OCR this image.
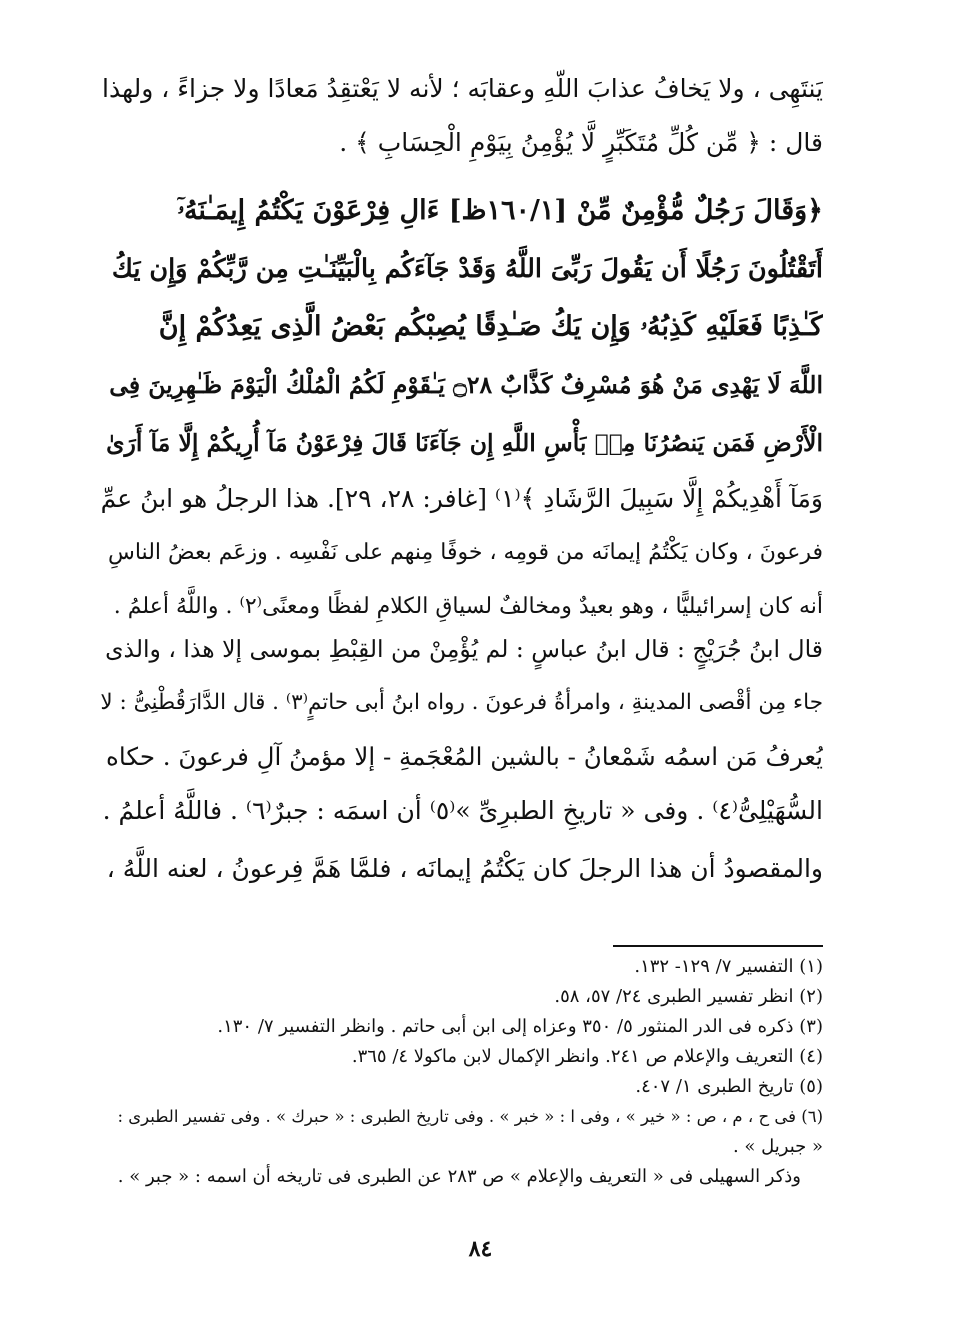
يَنتَهِى ، ولا يَخافُ عذابَ اللّهِ وعقابَه ؛ لأنه لا يَعْتقِدُ مَعادًا ولا جزاءً ، ولهذا
قال : ﴿ مِّن كُلِّ مُتَكَبِّرٍ لَّا يُؤْمِنُ بِيَوْمِ الْحِسَابِ ﴾ .
﴿وَقَالَ رَجُلٌ مُّؤْمِنٌ مِّنْ [١٦٠/١ظ] ءَالِ فِرْعَوْنَ يَكْتُمُ إِيمَـٰنَهُۥٓ
أَتَقْتُلُونَ رَجُلًا أَن يَقُولَ رَبِّىَ اللَّهُ وَقَدْ جَآءَكُم بِالْبَيِّنَـٰتِ مِن رَّبِّكُمْ وَإِن يَكُ
كَـٰذِبًا فَعَلَيْهِ كَذِبُهُۥ وَإِن يَكُ صَـٰدِقًا يُصِبْكُم بَعْضُ الَّذِى يَعِدُكُمْ إِنَّ
اللَّهَ لَا يَهْدِى مَنْ هُوَ مُسْرِفٌ كَذَّابٌ ۝٢٨ يَـٰقَوْمِ لَكُمُ الْمُلْكُ الْيَوْمَ ظَـٰهِرِينَ فِى
الْأَرْضِ فَمَن يَنصُرُنَا مِنۢ بَأْسِ اللَّهِ إِن جَآءَنَا قَالَ فِرْعَوْنُ مَآ أُرِيكُمْ إِلَّا مَآ أَرَىٰ
وَمَآ أَهْدِيكُمْ إِلَّا سَبِيلَ الرَّشَادِ ﴾⁽١⁾ [غافر: ٢٨، ٢٩]. هذا الرجلُ هو ابنُ عمِّ
فرعونَ ، وكان يَكْتُمُ إيمانَه من قومِه ، خوفًا مِنهم على نَفْسِه . وزعَم بعضُ الناسِ
أنه كان إسرائيليًّا ، وهو بعيدٌ ومخالفٌ لسياقِ الكلامِ لفظًا ومعنًى⁽٢⁾ . واللَّهُ أعلمُ .
قال ابنُ جُرَيْجٍ : قال ابنُ عباسٍ : لم يُؤْمِنْ من القِبْطِ بموسى إلا هذا ، والذى
جاء مِن أقْصى المدينةِ ، وامرأةُ فرعونَ . رواه ابنُ أبى حاتمٍ⁽٣⁾ . قال الدَّارَقُطْنِىُّ : لا
يُعرفُ مَن اسمُه شَمْعانُ - بالشين المُعْجَمةِ - إلا مؤمنُ آلِ فرعونَ . حكاه
السُّهَيْلِىُّ⁽٤⁾ . وفى « تاريخِ الطبرِىِّ »⁽٥⁾ أن اسمَه : جبرٌ⁽٦⁾ . فاللَّهُ أعلمُ .
والمقصودُ أن هذا الرجلَ كان يَكْتُمُ إيمانَه ، فلمَّا هَمَّ فِرعونُ ، لعنه اللَّهُ ،
(١) التفسير ٧/ ١٢٩- ١٣٢.
(٢) انظر تفسير الطبرى ٢٤/ ٥٧، ٥٨.
(٣) ذكره فى الدر المنثور ٥/ ٣٥٠ وعزاه إلى ابن أبى حاتم . وانظر التفسير ٧/ ١٣٠.
(٤) التعريف والإعلام ص ٢٤١. وانظر الإكمال لابن ماكولا ٤/ ٣٦٥.
(٥) تاريخ الطبرى ١/ ٤٠٧.
(٦) فى ح ، م ، ص : « خير » ، وفى ا : « خبر » . وفى تاريخ الطبرى : « حبرك » . وفى تفسير الطبرى :
« جبريل » .
وذكر السهيلى فى « التعريف والإعلام » ص ٢٨٣ عن الطبرى فى تاريخه أن اسمه : « جبر » .
٨٤
